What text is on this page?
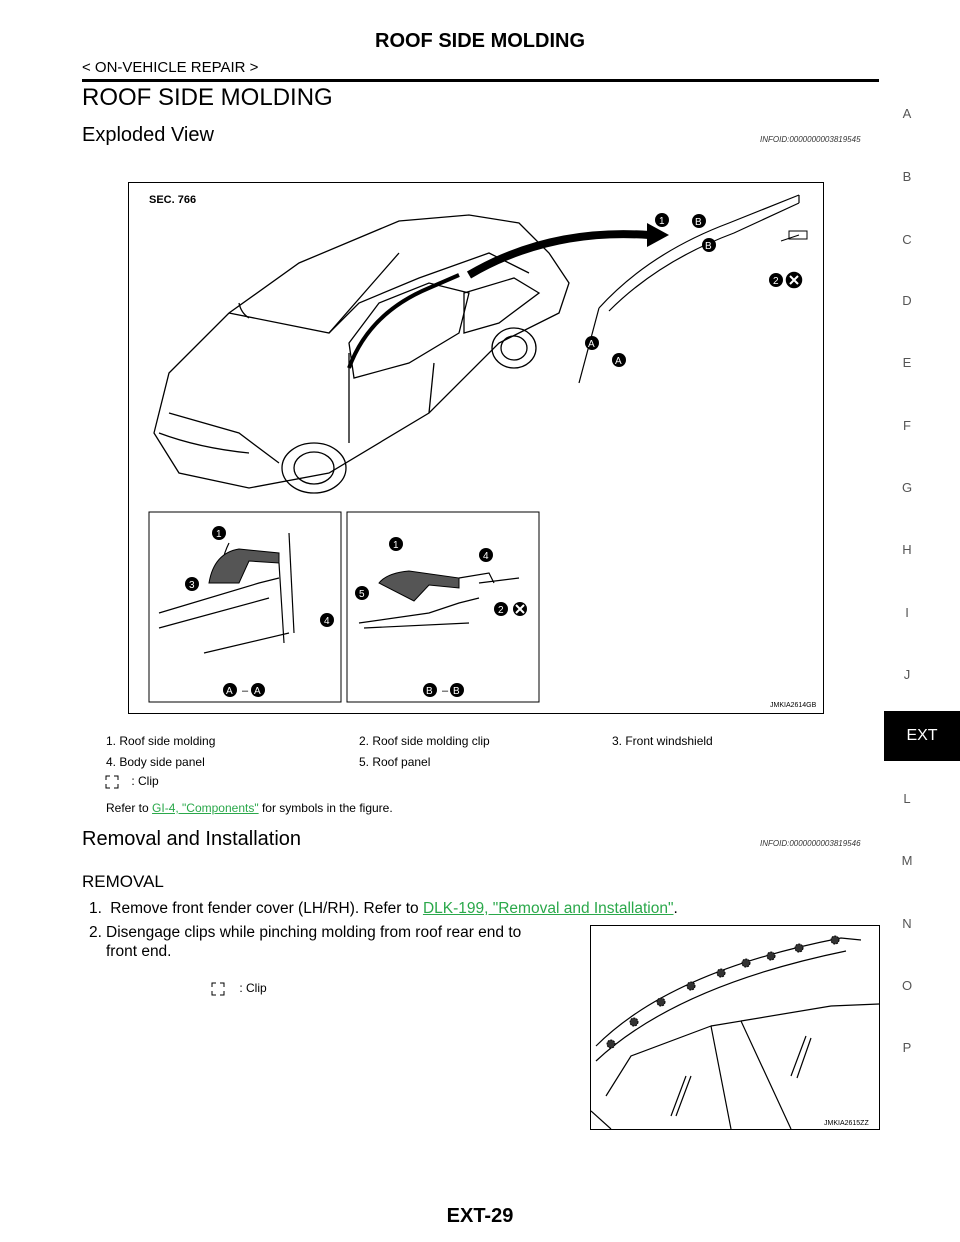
ROOF SIDE MOLDING
< ON-VEHICLE REPAIR >
ROOF SIDE MOLDING
A
B
C
D
E
F
G
H
I
J
EXT
L
M
N
O
P
Exploded View	INFOID:0000000003819545
SEC. 766
1	B
B
2
A
A
1
3
4
A – A
1
4
5
2
B – B
JMKIA2614GB
1. Roof side molding	2. Roof side molding clip	3. Front windshield
4. Body side panel	5. Roof panel
: Clip
Refer to GI-4, "Components" for symbols in the figure.
Removal and Installation	INFOID:0000000003819546
REMOVAL
1. Remove front fender cover (LH/RH). Refer to DLK-199, "Removal and Installation".
2. Disengage clips while pinching molding from roof rear end to
front end.
: Clip
JMKIA2615ZZ
EXT-29
